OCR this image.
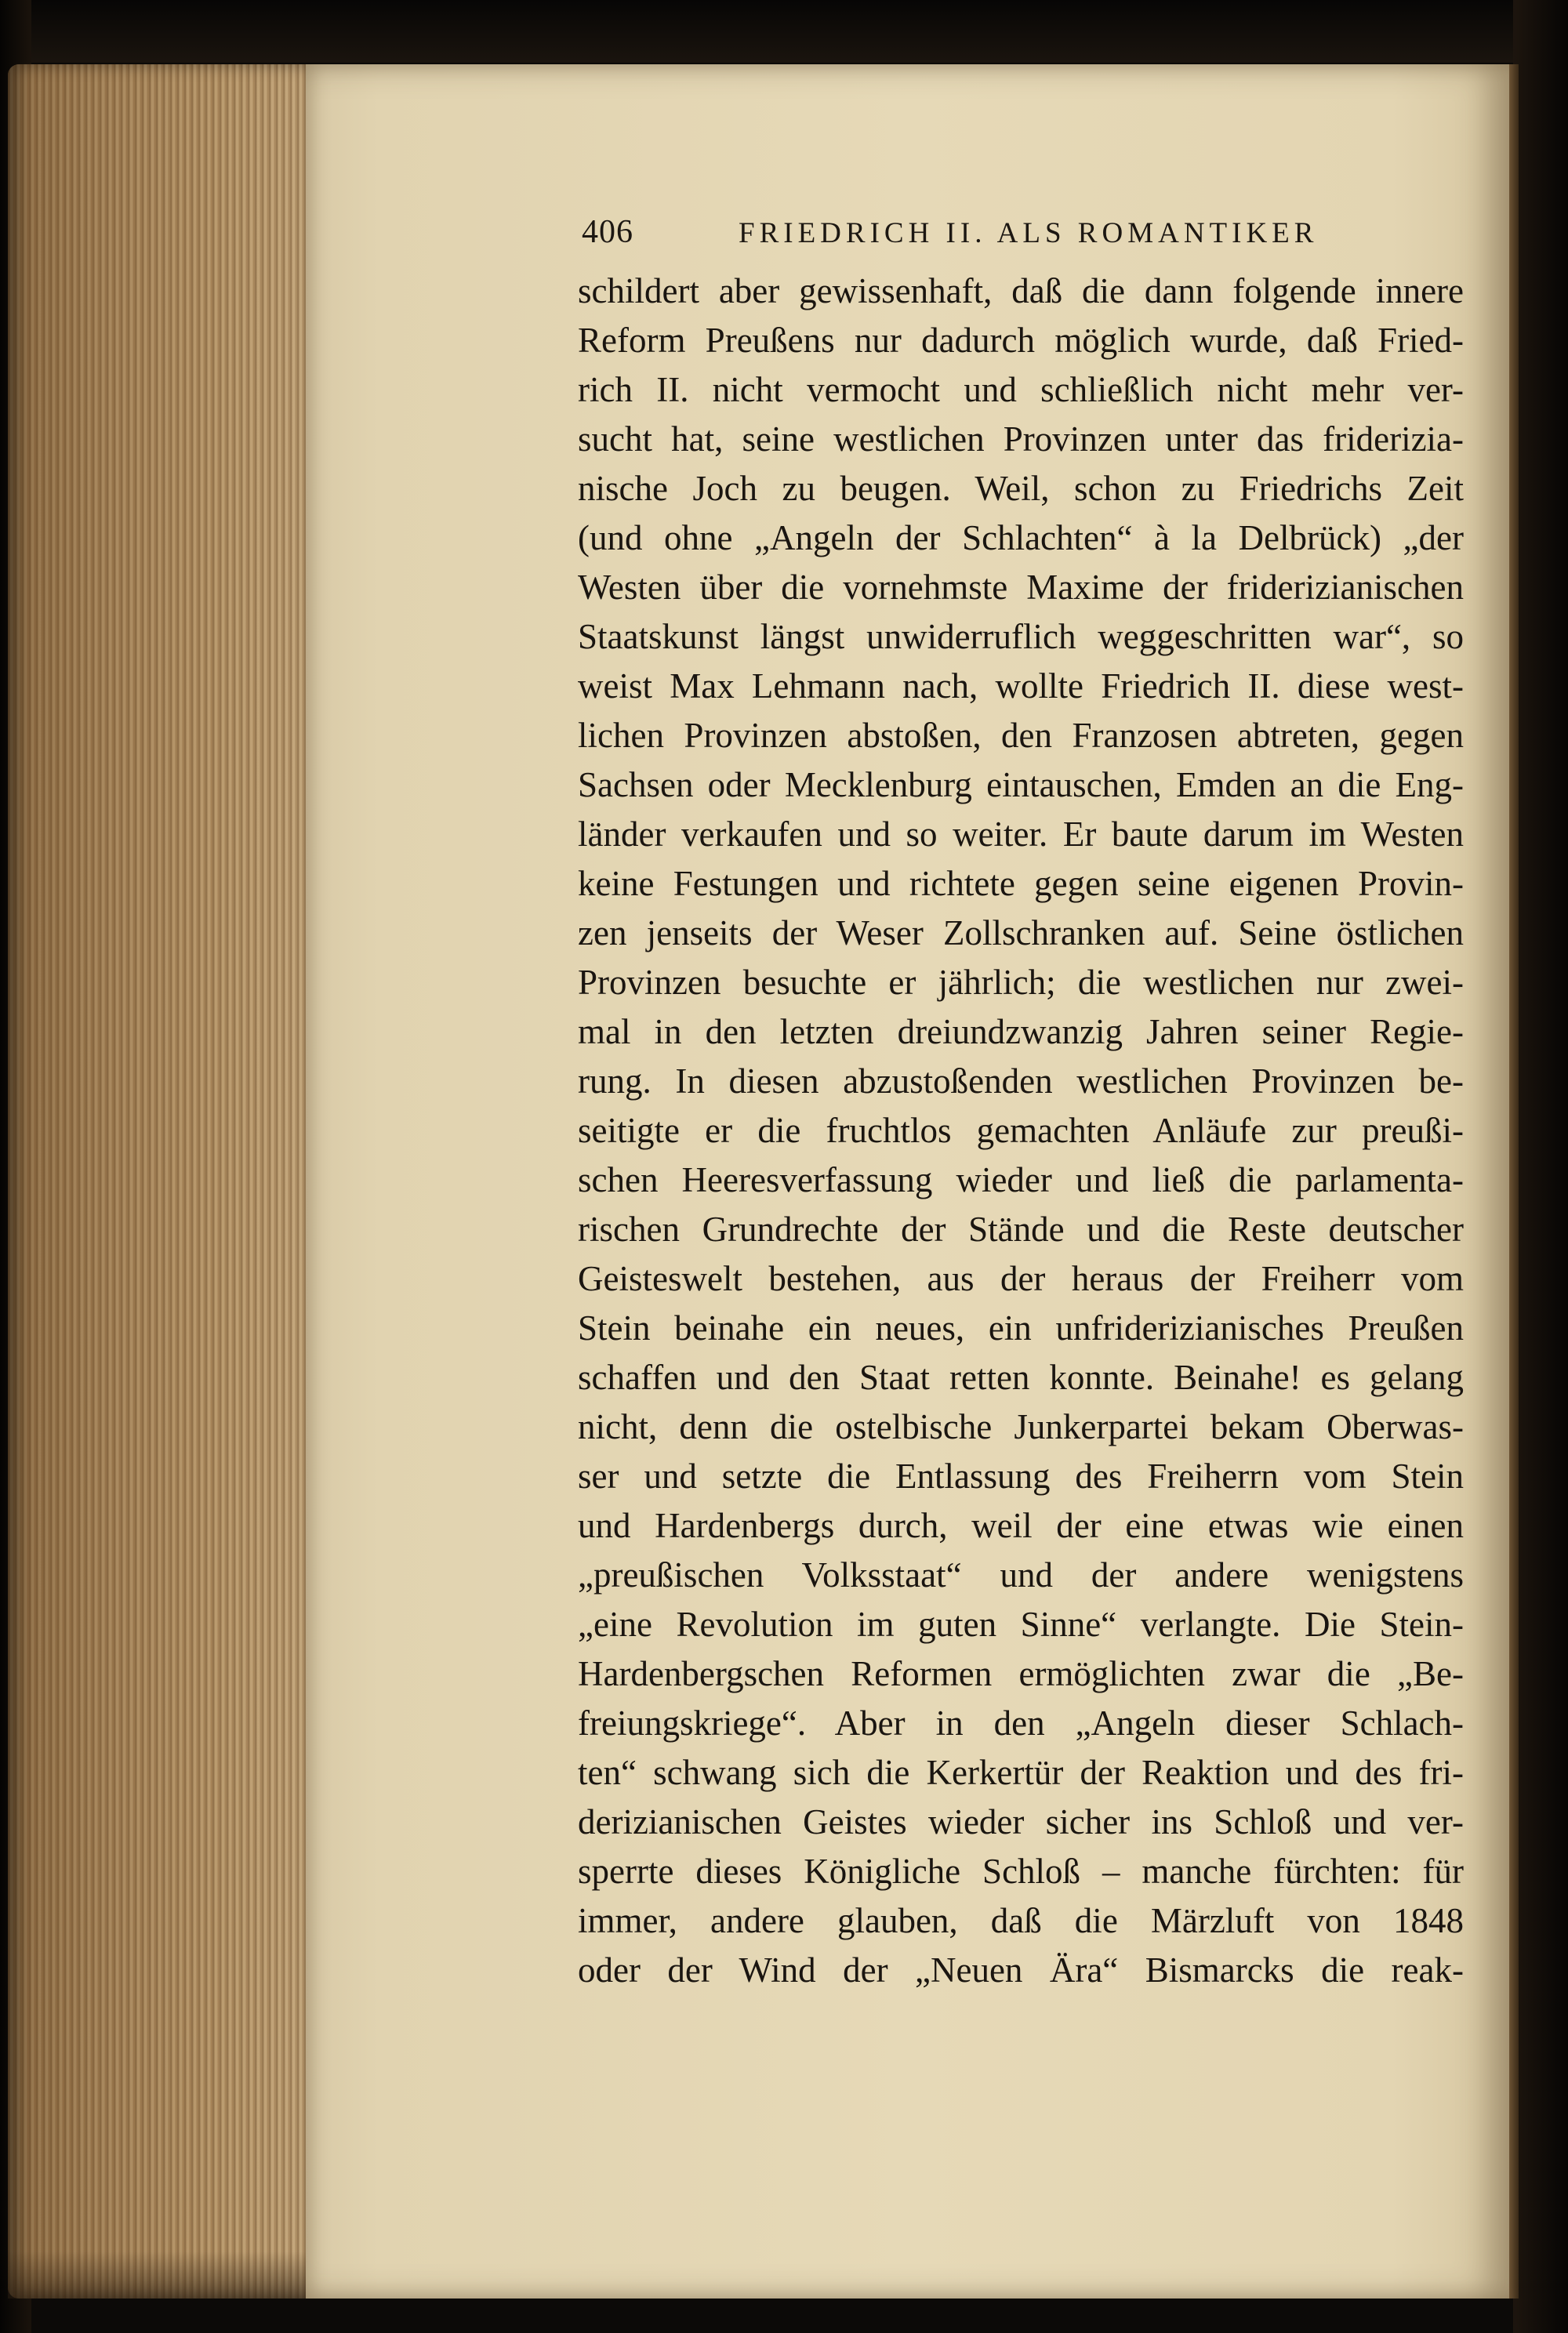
406	FRIEDRICH II. ALS ROMANTIKER
schildert aber gewissenhaft, daß die dann folgende innere
Reform Preußens nur dadurch möglich wurde, daß Fried-
rich II. nicht vermocht und schließlich nicht mehr ver-
sucht hat, seine westlichen Provinzen unter das frideriziа-
nische Joch zu beugen. Weil, schon zu Friedrichs Zeit
(und ohne „Angeln der Schlachten“ à la Delbrück) „der
Westen über die vornehmste Maxime der friderizianischen
Staatskunst längst unwiderruflich weggeschritten war“, so
weist Max Lehmann nach, wollte Friedrich II. diese west-
lichen Provinzen abstoßen, den Franzosen abtreten, gegen
Sachsen oder Mecklenburg eintauschen, Emden an die Eng-
länder verkaufen und so weiter. Er baute darum im Westen
keine Festungen und richtete gegen seine eigenen Provin-
zen jenseits der Weser Zollschranken auf. Seine östlichen
Provinzen besuchte er jährlich; die westlichen nur zwei-
mal in den letzten dreiundzwanzig Jahren seiner Regie-
rung. In diesen abzustoßenden westlichen Provinzen be-
seitigte er die fruchtlos gemachten Anläufe zur preußi-
schen Heeresverfassung wieder und ließ die parlamenta-
rischen Grundrechte der Stände und die Reste deutscher
Geisteswelt bestehen, aus der heraus der Freiherr vom
Stein beinahe ein neues, ein unfriderizianisches Preußen
schaffen und den Staat retten konnte. Beinahe! es gelang
nicht, denn die ostelbische Junkerpartei bekam Oberwas-
ser und setzte die Entlassung des Freiherrn vom Stein
und Hardenbergs durch, weil der eine etwas wie einen
„preußischen Volksstaat“ und der andere wenigstens
„eine Revolution im guten Sinne“ verlangte. Die Stein-
Hardenbergschen Reformen ermöglichten zwar die „Be-
freiungskriege“. Aber in den „Angeln dieser Schlach-
ten“ schwang sich die Kerkertür der Reaktion und des fri-
derizianischen Geistes wieder sicher ins Schloß und ver-
sperrte dieses Königliche Schloß – manche fürchten: für
immer, andere glauben, daß die Märzluft von 1848
oder der Wind der „Neuen Ära“ Bismarcks die reak-
